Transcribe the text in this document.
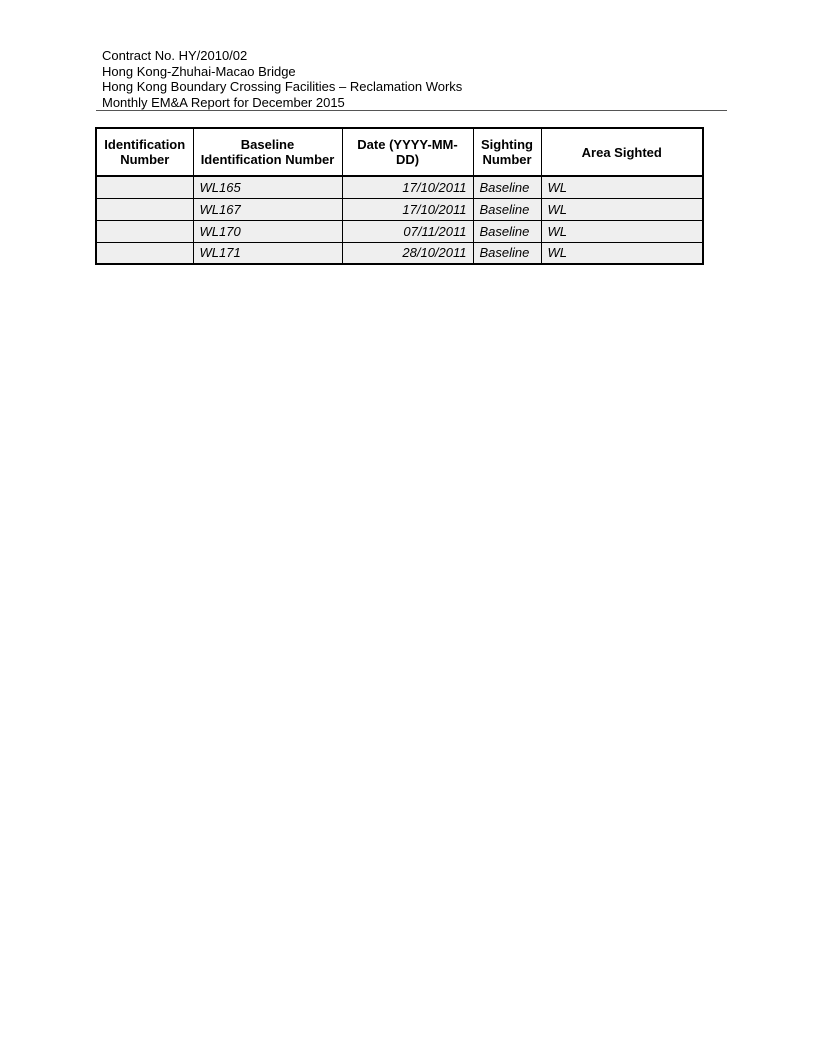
Contract No. HY/2010/02
Hong Kong-Zhuhai-Macao Bridge
Hong Kong Boundary Crossing Facilities – Reclamation Works
Monthly EM&A Report for December 2015
Identification Number	Baseline Identification Number	Date (YYYY-MM-DD)	Sighting Number	Area Sighted
	WL165	17/10/2011	Baseline	WL
	WL167	17/10/2011	Baseline	WL
	WL170	07/11/2011	Baseline	WL
	WL171	28/10/2011	Baseline	WL
